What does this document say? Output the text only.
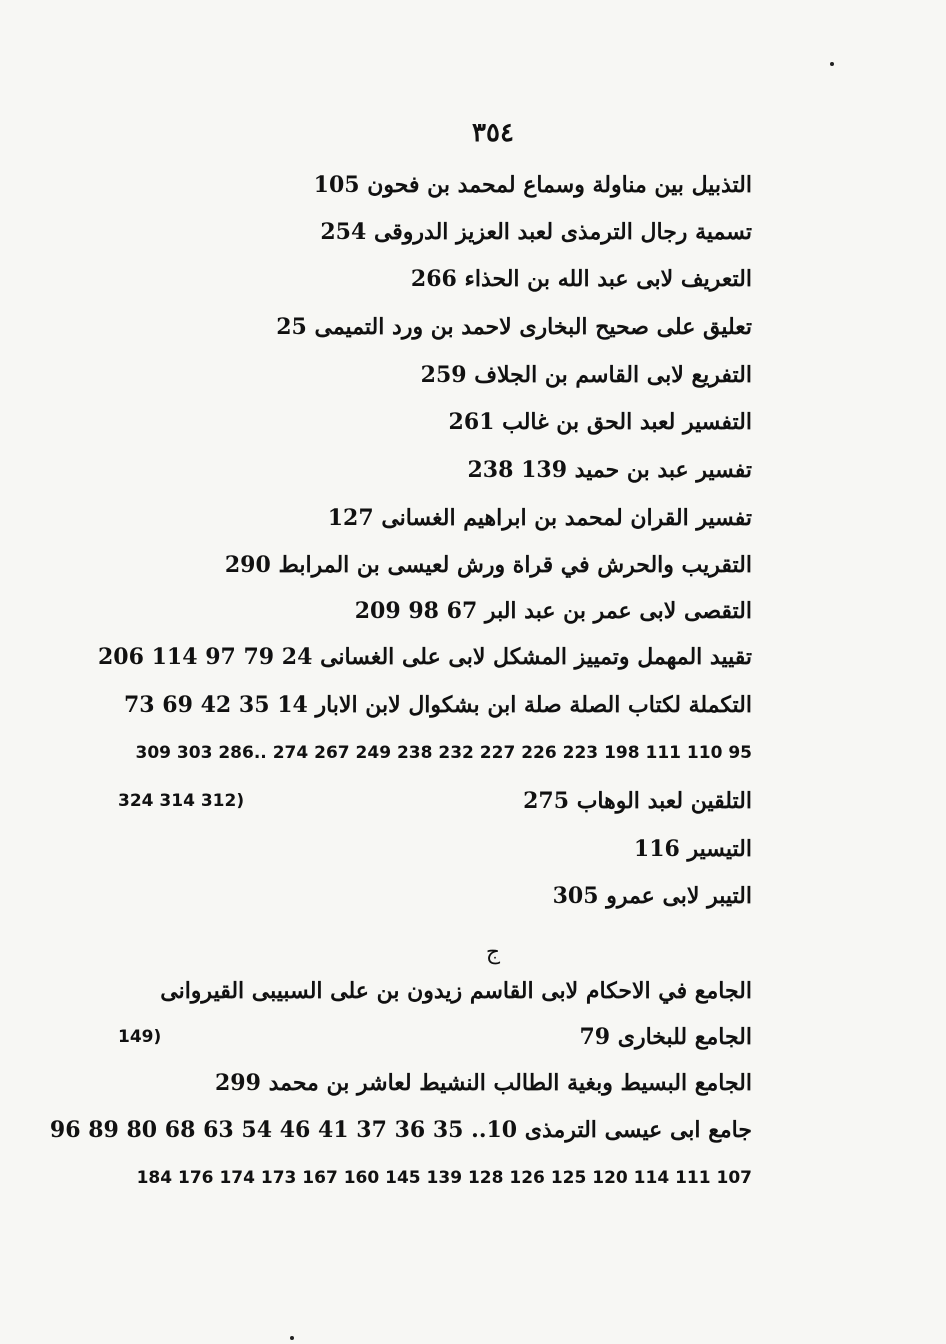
٣٥٤
التذبيل بين مناولة وسماع لمحمد بن فحون 105
تسمية رجال الترمذى لعبد العزيز الدروقى 254
التعريف لابى عبد الله بن الحذاء 266
تعليق على صحيح البخارى لاحمد بن ورد التميمى 25
التفريع لابى القاسم بن الجلاف 259
التفسير لعبد الحق بن غالب 261
تفسير عبد بن حميد 139 238
تفسير القران لمحمد بن ابراهيم الغسانى 127
التقريب والحرش في قراة ورش لعيسى بن المرابط 290
التقصى لابى عمر بن عبد البر 67 98 209
تقييد المهمل وتمييز المشكل لابى على الغسانى 24 79 97 114 206
التكملة لكتاب الصلة صلة ابن بشكوال لابن الابار 14 35 42 69 73
95 110 111 198 223 226 227 232 238 249 267 274 ..286 303 309
التلقين لعبد الوهاب 275
(312 314 324
التيسير 116
التيبر لابى عمرو 305
ج
الجامع في الاحكام لابى القاسم زيدون بن على السبيبى القيروانى
الجامع للبخارى 79
(149
الجامع البسيط وبغية الطالب النشيط لعاشر بن محمد 299
جامع ابى عيسى الترمذى 10.. 35 36 37 41 46 54 63 68 80 89 96
107 111 114 120 125 126 128 139 145 160 167 173 174 176 184
